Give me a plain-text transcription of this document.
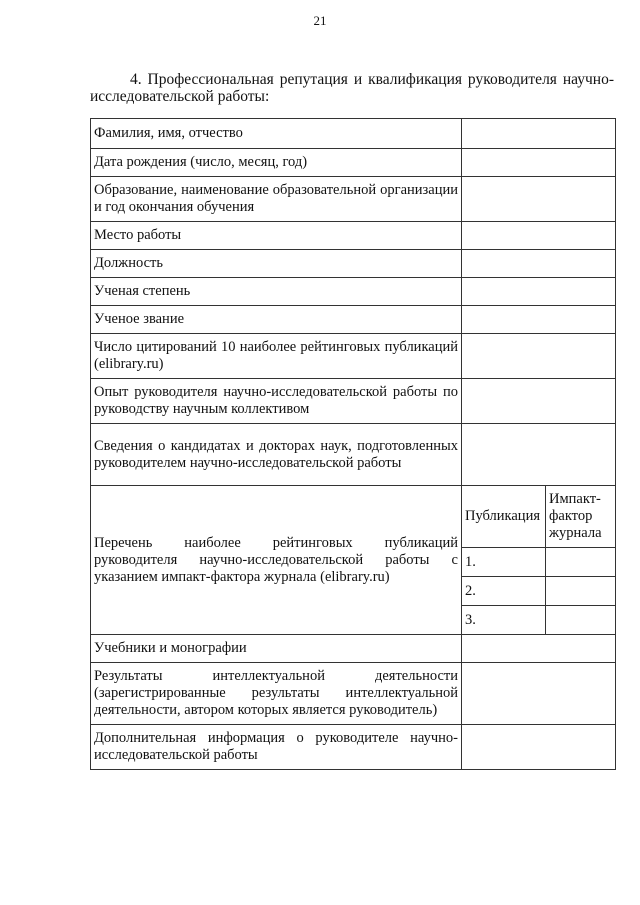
21
4. Профессиональная репутация и квалификация руководителя научно-исследовательской работы:
Фамилия, имя, отчество		
Дата рождения (число, месяц, год)		
Образование, наименование образовательной организации и год окончания обучения		
Место работы		
Должность		
Ученая степень		
Ученое звание		
Число цитирований 10 наиболее рейтинговых публикаций (elibrary.ru)		
Опыт руководителя научно-исследовательской работы по руководству научным коллективом		
Сведения о кандидатах и докторах наук, подготовленных руководителем научно-исследовательской работы		
Перечень наиболее рейтинговых публикаций руководителя научно-исследовательской работы с указанием импакт-фактора журнала (elibrary.ru)	Публикация	Импакт-фактор журнала
	1.	
	2.	
	3.	
Учебники и монографии		
Результаты интеллектуальной деятельности (зарегистрированные результаты интеллектуальной деятельности, автором которых является руководитель)		
Дополнительная информация о руководителе научно-исследовательской работы		
